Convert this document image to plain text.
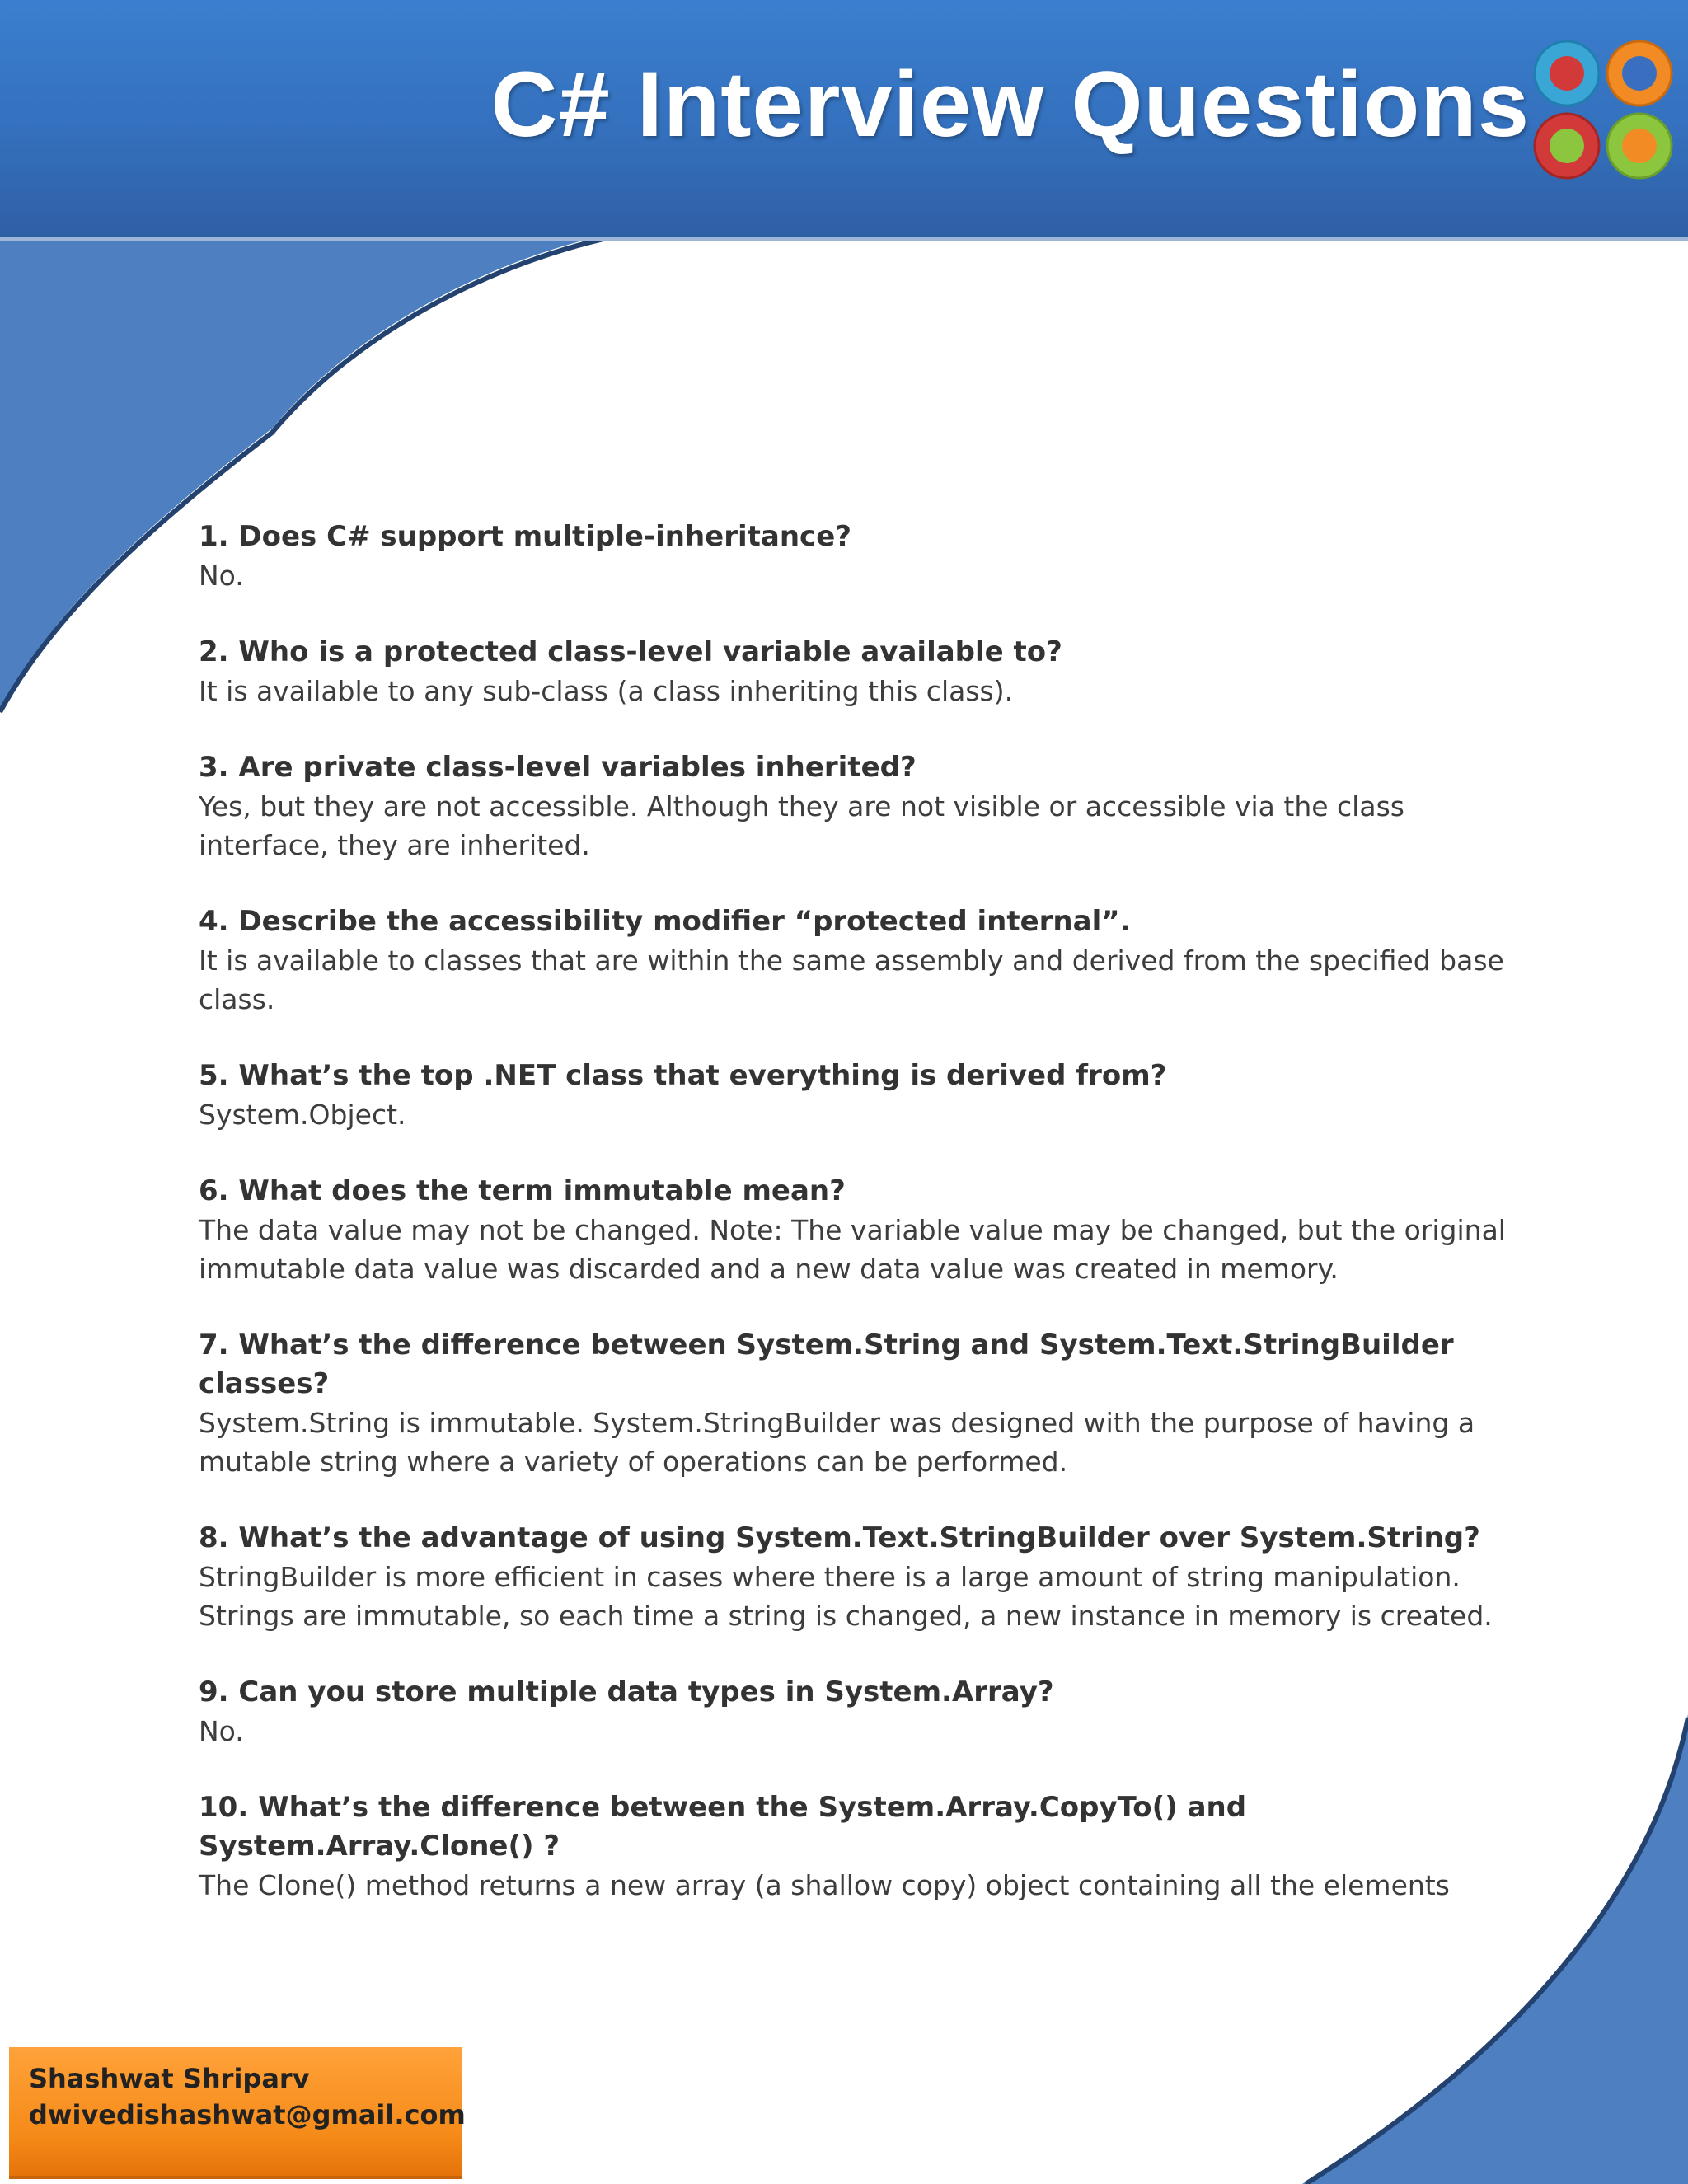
C# Interview Questions

1. Does C# support multiple-inheritance?

No.

2. Who is a protected class-level variable available to?

It is available to any sub-class (a class inheriting this class).

3. Are private class-level variables inherited?

Yes, but they are not accessible. Although they are not visible or accessible via the class interface, they are inherited.

4. Describe the accessibility modifier “protected internal”.

It is available to classes that are within the same assembly and derived from the specified base class.

5. What’s the top .NET class that everything is derived from?

System.Object.

6. What does the term immutable mean?

The data value may not be changed. Note: The variable value may be changed, but the original immutable data value was discarded and a new data value was created in memory.

7. What’s the difference between System.String and System.Text.StringBuilder classes?

System.String is immutable. System.StringBuilder was designed with the purpose of having a mutable string where a variety of operations can be performed.

8. What’s the advantage of using System.Text.StringBuilder over System.String?

StringBuilder is more efficient in cases where there is a large amount of string manipulation. Strings are immutable, so each time a string is changed, a new instance in memory is created.

9. Can you store multiple data types in System.Array?

No.

10. What’s the difference between the System.Array.CopyTo() and System.Array.Clone() ?

The Clone() method returns a new array (a shallow copy) object containing all the elements

Shashwat Shriparv
dwivedishashwat@gmail.com
